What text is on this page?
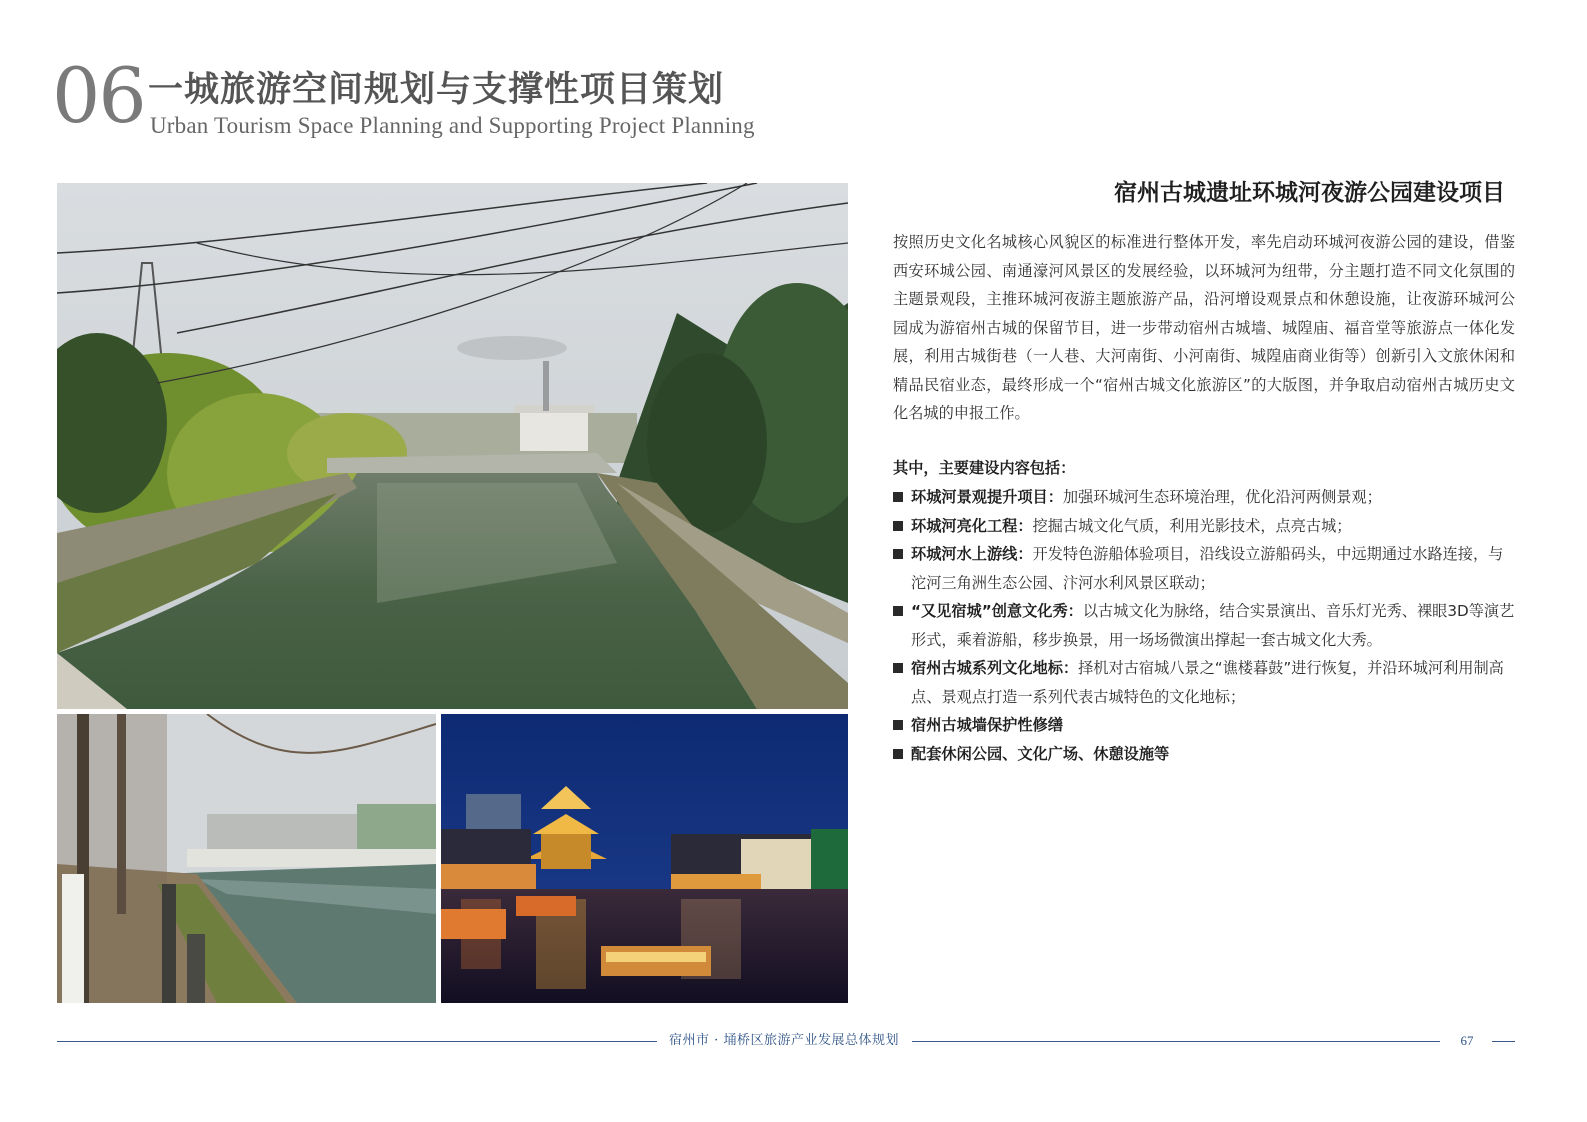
06 一城旅游空间规划与支撑性项目策划
Urban Tourism Space Planning and Supporting Project Planning
宿州古城遗址环城河夜游公园建设项目

按照历史文化名城核心风貌区的标准进行整体开发，率先启动环城河夜游公园的建设，借鉴西安环城公园、南通濠河风景区的发展经验，以环城河为纽带，分主题打造不同文化氛围的主题景观段，主推环城河夜游主题旅游产品，沿河增设观景点和休憩设施，让夜游环城河公园成为游宿州古城的保留节目，进一步带动宿州古城墙、城隍庙、福音堂等旅游点一体化发展，利用古城街巷（一人巷、大河南街、小河南街、城隍庙商业街等）创新引入文旅休闲和精品民宿业态，最终形成一个“宿州古城文化旅游区”的大版图，并争取启动宿州古城历史文化名城的申报工作。

其中，主要建设内容包括：
环城河景观提升项目：加强环城河生态环境治理，优化沿河两侧景观；
环城河亮化工程：挖掘古城文化气质，利用光影技术，点亮古城；
环城河水上游线：开发特色游船体验项目，沿线设立游船码头，中远期通过水路连接，与沱河三角洲生态公园、汴河水利风景区联动；
“又见宿城”创意文化秀：以古城文化为脉络，结合实景演出、音乐灯光秀、裸眼3D等演艺形式，乘着游船，移步换景，用一场场微演出撑起一套古城文化大秀。
宿州古城系列文化地标：择机对古宿城八景之“谯楼暮鼓”进行恢复，并沿环城河利用制高点、景观点打造一系列代表古城特色的文化地标；
宿州古城墙保护性修缮
配套休闲公园、文化广场、休憩设施等
宿州市 · 埇桥区旅游产业发展总体规划	67
